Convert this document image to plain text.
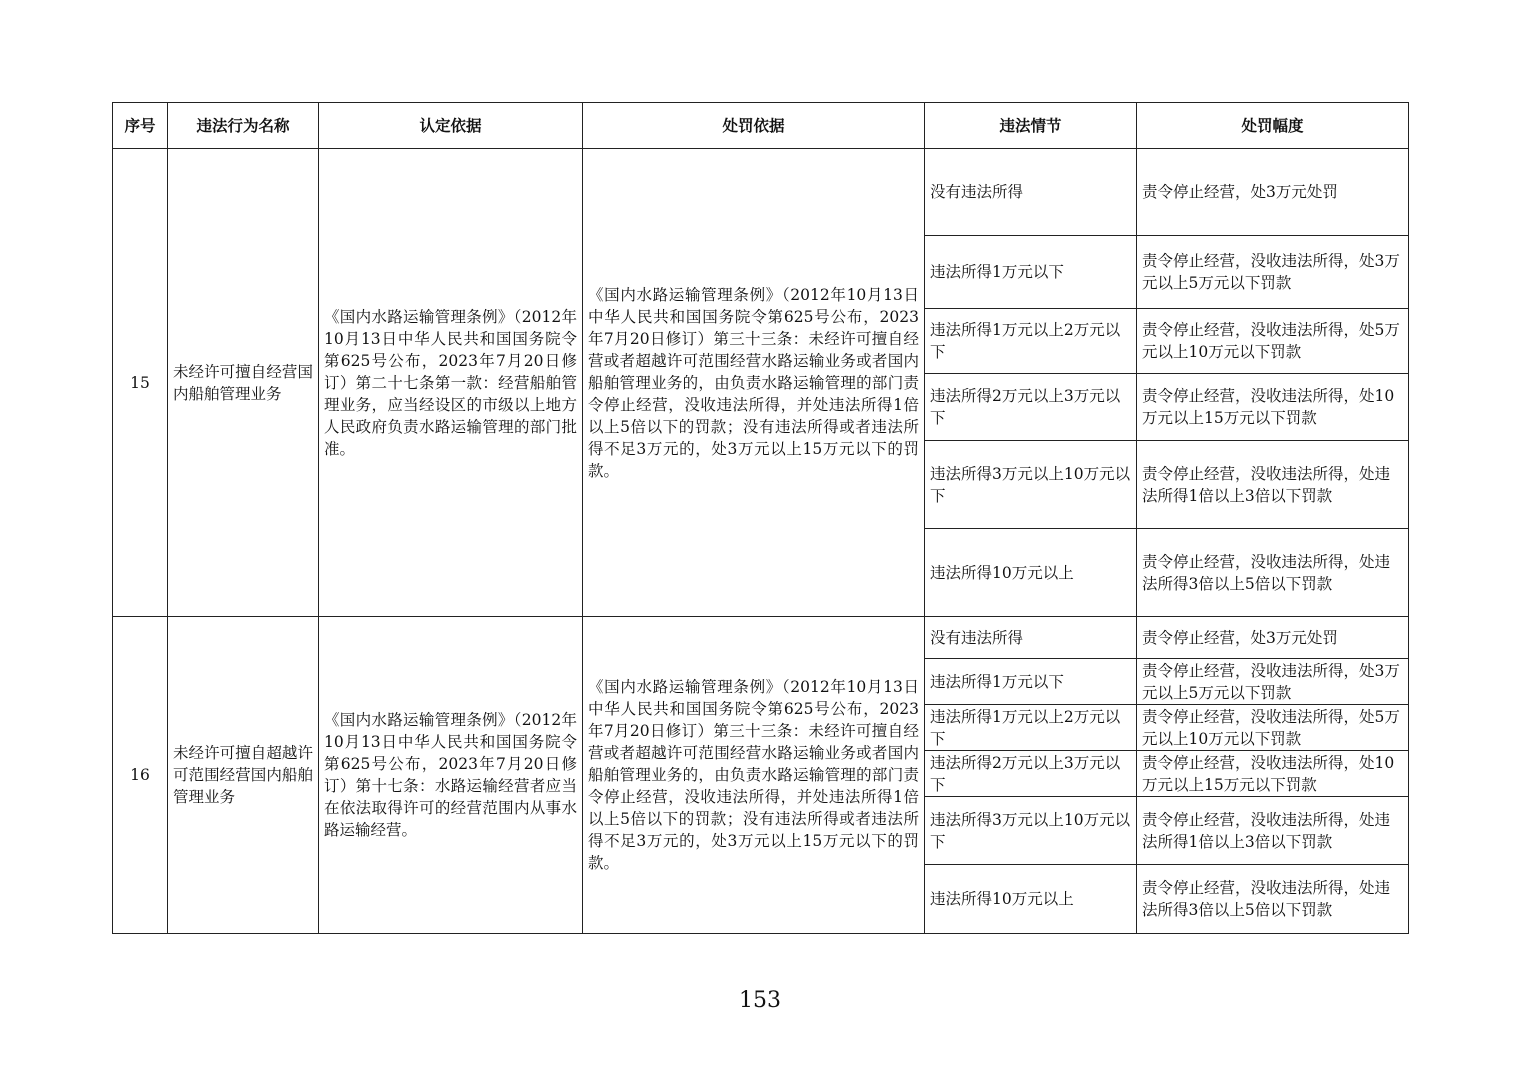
序号	违法行为名称	认定依据	处罚依据	违法情节	处罚幅度
15	未经许可擅自经营国内船舶管理业务	《国内水路运输管理条例》（2012年10月13日中华人民共和国国务院令第625号公布，2023年7月20日修订）第二十七条第一款：经营船舶管理业务，应当经设区的市级以上地方人民政府负责水路运输管理的部门批准。	《国内水路运输管理条例》（2012年10月13日中华人民共和国国务院令第625号公布，2023年7月20日修订）第三十三条：未经许可擅自经营或者超越许可范围经营水路运输业务或者国内船舶管理业务的，由负责水路运输管理的部门责令停止经营，没收违法所得，并处违法所得1倍以上5倍以下的罚款；没有违法所得或者违法所得不足3万元的，处3万元以上15万元以下的罚款。	没有违法所得	责令停止经营，处3万元处罚
				违法所得1万元以下	责令停止经营，没收违法所得，处3万元以上5万元以下罚款
				违法所得1万元以上2万元以下	责令停止经营，没收违法所得，处5万元以上10万元以下罚款
				违法所得2万元以上3万元以下	责令停止经营，没收违法所得，处10万元以上15万元以下罚款
				违法所得3万元以上10万元以下	责令停止经营，没收违法所得，处违法所得1倍以上3倍以下罚款
				违法所得10万元以上	责令停止经营，没收违法所得，处违法所得3倍以上5倍以下罚款
16	未经许可擅自超越许可范围经营国内船舶管理业务	《国内水路运输管理条例》（2012年10月13日中华人民共和国国务院令第625号公布，2023年7月20日修订）第十七条：水路运输经营者应当在依法取得许可的经营范围内从事水路运输经营。	《国内水路运输管理条例》（2012年10月13日中华人民共和国国务院令第625号公布，2023年7月20日修订）第三十三条：未经许可擅自经营或者超越许可范围经营水路运输业务或者国内船舶管理业务的，由负责水路运输管理的部门责令停止经营，没收违法所得，并处违法所得1倍以上5倍以下的罚款；没有违法所得或者违法所得不足3万元的，处3万元以上15万元以下的罚款。	没有违法所得	责令停止经营，处3万元处罚
				违法所得1万元以下	责令停止经营，没收违法所得，处3万元以上5万元以下罚款
				违法所得1万元以上2万元以下	责令停止经营，没收违法所得，处5万元以上10万元以下罚款
				违法所得2万元以上3万元以下	责令停止经营，没收违法所得，处10万元以上15万元以下罚款
				违法所得3万元以上10万元以下	责令停止经营，没收违法所得，处违法所得1倍以上3倍以下罚款
				违法所得10万元以上	责令停止经营，没收违法所得，处违法所得3倍以上5倍以下罚款
153
